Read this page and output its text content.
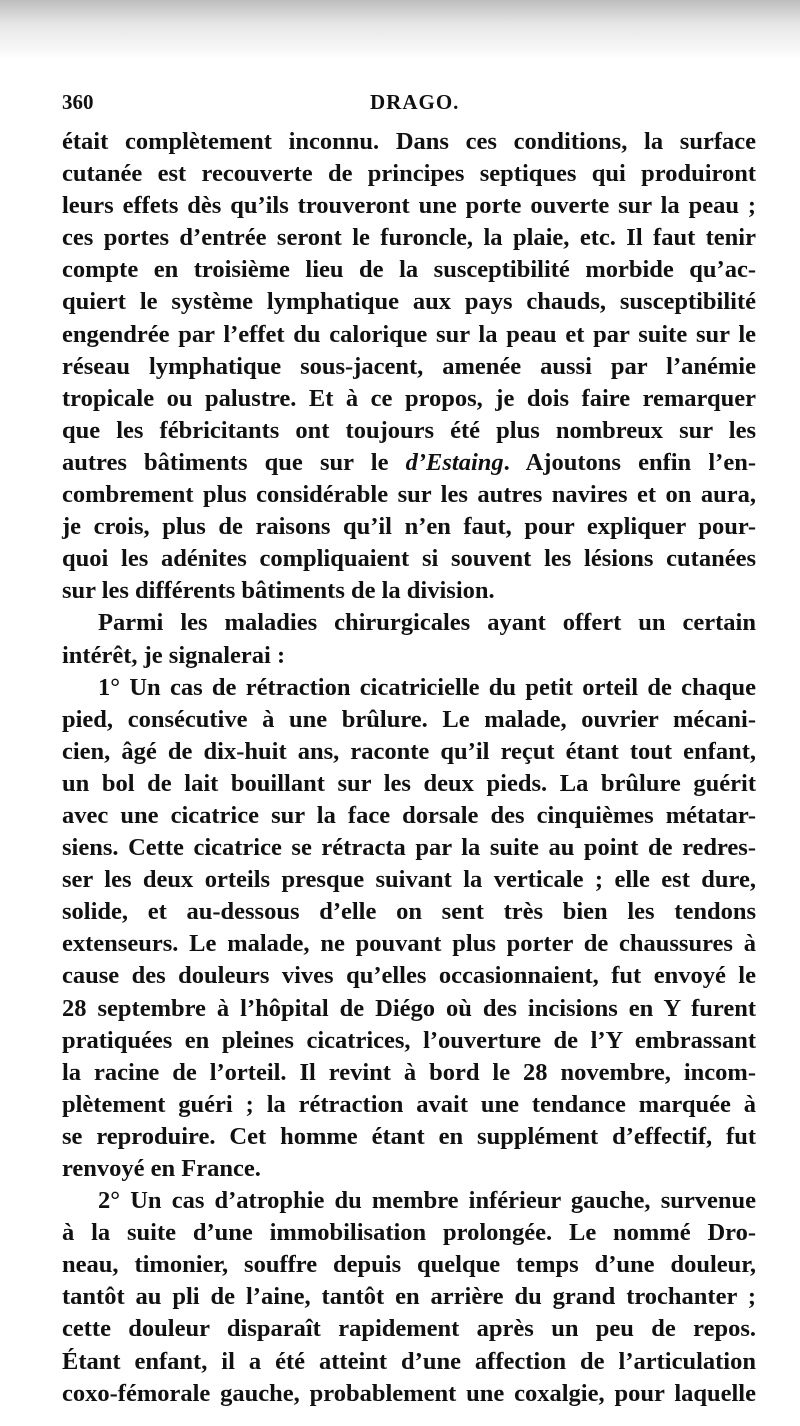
360	DRAGO.
était complètement inconnu. Dans ces conditions, la surface
cutanée est recouverte de principes septiques qui produiront
leurs effets dès qu’ils trouveront une porte ouverte sur la peau ;
ces portes d’entrée seront le furoncle, la plaie, etc. Il faut tenir
compte en troisième lieu de la susceptibilité morbide qu’ac-
quiert le système lymphatique aux pays chauds, susceptibilité
engendrée par l’effet du calorique sur la peau et par suite sur le
réseau lymphatique sous-jacent, amenée aussi par l’anémie
tropicale ou palustre. Et à ce propos, je dois faire remarquer
que les fébricitants ont toujours été plus nombreux sur les
autres bâtiments que sur le d’Estaing. Ajoutons enfin l’en-
combrement plus considérable sur les autres navires et on aura,
je crois, plus de raisons qu’il n’en faut, pour expliquer pour-
quoi les adénites compliquaient si souvent les lésions cutanées
sur les différents bâtiments de la division.
Parmi les maladies chirurgicales ayant offert un certain
intérêt, je signalerai :
1° Un cas de rétraction cicatricielle du petit orteil de chaque
pied, consécutive à une brûlure. Le malade, ouvrier mécani-
cien, âgé de dix-huit ans, raconte qu’il reçut étant tout enfant,
un bol de lait bouillant sur les deux pieds. La brûlure guérit
avec une cicatrice sur la face dorsale des cinquièmes métatar-
siens. Cette cicatrice se rétracta par la suite au point de redres-
ser les deux orteils presque suivant la verticale ; elle est dure,
solide, et au-dessous d’elle on sent très bien les tendons
extenseurs. Le malade, ne pouvant plus porter de chaussures à
cause des douleurs vives qu’elles occasionnaient, fut envoyé le
28 septembre à l’hôpital de Diégo où des incisions en Y furent
pratiquées en pleines cicatrices, l’ouverture de l’Y embrassant
la racine de l’orteil. Il revint à bord le 28 novembre, incom-
plètement guéri ; la rétraction avait une tendance marquée à
se reproduire. Cet homme étant en supplément d’effectif, fut
renvoyé en France.
2° Un cas d’atrophie du membre inférieur gauche, survenue
à la suite d’une immobilisation prolongée. Le nommé Dro-
neau, timonier, souffre depuis quelque temps d’une douleur,
tantôt au pli de l’aine, tantôt en arrière du grand trochanter ;
cette douleur disparaît rapidement après un peu de repos.
Étant enfant, il a été atteint d’une affection de l’articulation
coxo-fémorale gauche, probablement une coxalgie, pour laquelle
